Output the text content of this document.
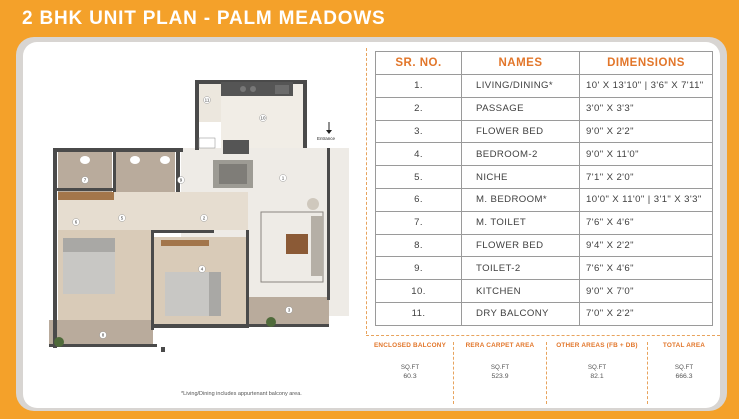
2 BHK UNIT PLAN - PALM MEADOWS
Entrance
1
2
3
4
5
6
7
8
9
10
11
*Living/Dining includes appurtenant balcony area.
SR. NO.	NAMES	DIMENSIONS
1.	LIVING/DINING*	10' X 13'10" | 3'6" X 7'11"
2.	PASSAGE	3'0" X 3'3"
3.	FLOWER BED	9'0" X 2'2"
4.	BEDROOM-2	9'0" X 11'0"
5.	NICHE	7'1" X 2'0"
6.	M. BEDROOM*	10'0" X 11'0" | 3'1" X 3'3"
7.	M. TOILET	7'6" X 4'6"
8.	FLOWER BED	9'4" X 2'2"
9.	TOILET-2	7'6" X 4'6"
10.	KITCHEN	9'0" X 7'0"
11.	DRY BALCONY	7'0" X 2'2"
ENCLOSED BALCONY
SQ.FT
60.3
RERA CARPET AREA
SQ.FT
523.9
OTHER AREAS (FB + DB)
SQ.FT
82.1
TOTAL AREA
SQ.FT
666.3
